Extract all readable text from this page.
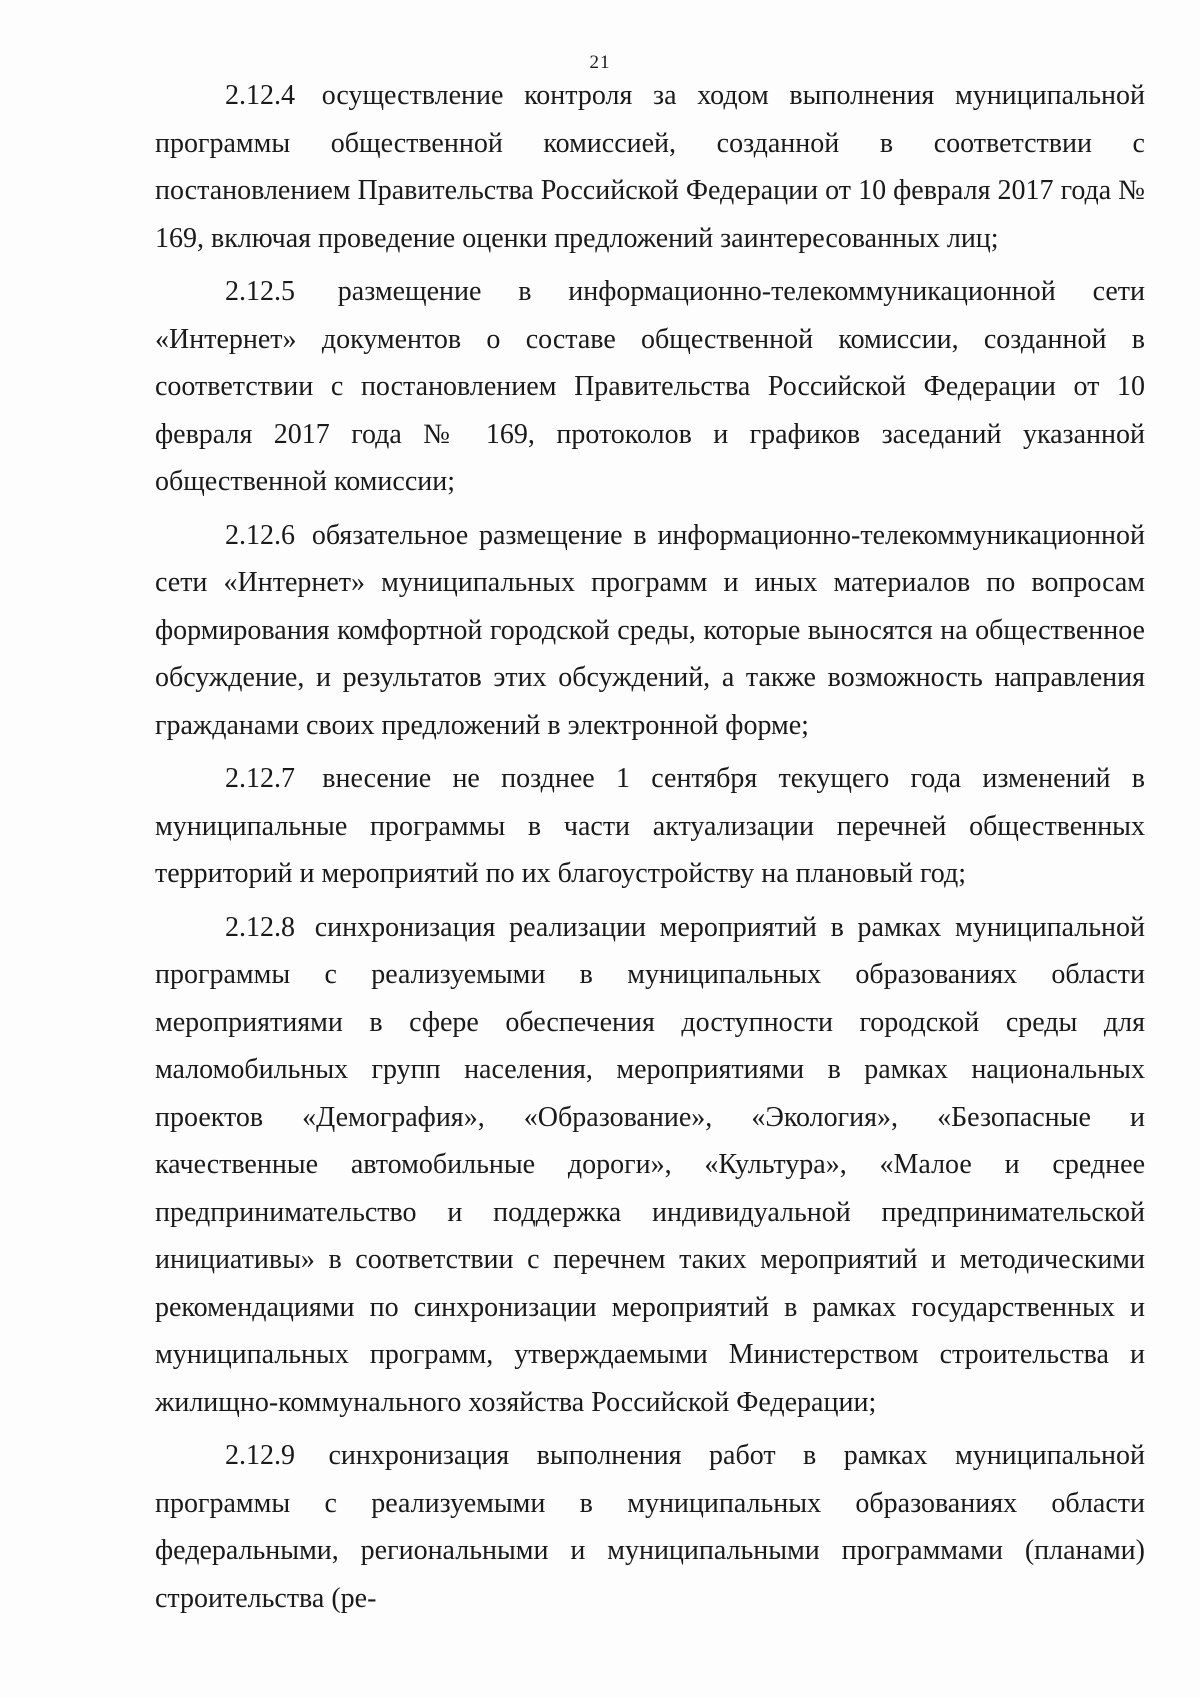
21

2.12.4 осуществление контроля за ходом выполнения муниципальной программы общественной комиссией, созданной в соответствии с постановлением Правительства Российской Федерации от 10 февраля 2017 года № 169, включая проведение оценки предложений заинтересованных лиц;

2.12.5 размещение в информационно-телекоммуникационной сети «Интернет» документов о составе общественной комиссии, созданной в соответствии с постановлением Правительства Российской Федерации от 10 февраля 2017 года № 169, протоколов и графиков заседаний указанной общественной комиссии;

2.12.6 обязательное размещение в информационно-телекоммуникационной сети «Интернет» муниципальных программ и иных материалов по вопросам формирования комфортной городской среды, которые выносятся на общественное обсуждение, и результатов этих обсуждений, а также возможность направления гражданами своих предложений в электронной форме;

2.12.7 внесение не позднее 1 сентября текущего года изменений в муниципальные программы в части актуализации перечней общественных территорий и мероприятий по их благоустройству на плановый год;

2.12.8 синхронизация реализации мероприятий в рамках муниципальной программы с реализуемыми в муниципальных образованиях области мероприятиями в сфере обеспечения доступности городской среды для маломобильных групп населения, мероприятиями в рамках национальных проектов «Демография», «Образование», «Экология», «Безопасные и качественные автомобильные дороги», «Культура», «Малое и среднее предпринимательство и поддержка индивидуальной предпринимательской инициативы» в соответствии с перечнем таких мероприятий и методическими рекомендациями по синхронизации мероприятий в рамках государственных и муниципальных программ, утверждаемыми Министерством строительства и жилищно-коммунального хозяйства Российской Федерации;

2.12.9 синхронизация выполнения работ в рамках муниципальной программы с реализуемыми в муниципальных образованиях области федеральными, региональными и муниципальными программами (планами) строительства (ре-
